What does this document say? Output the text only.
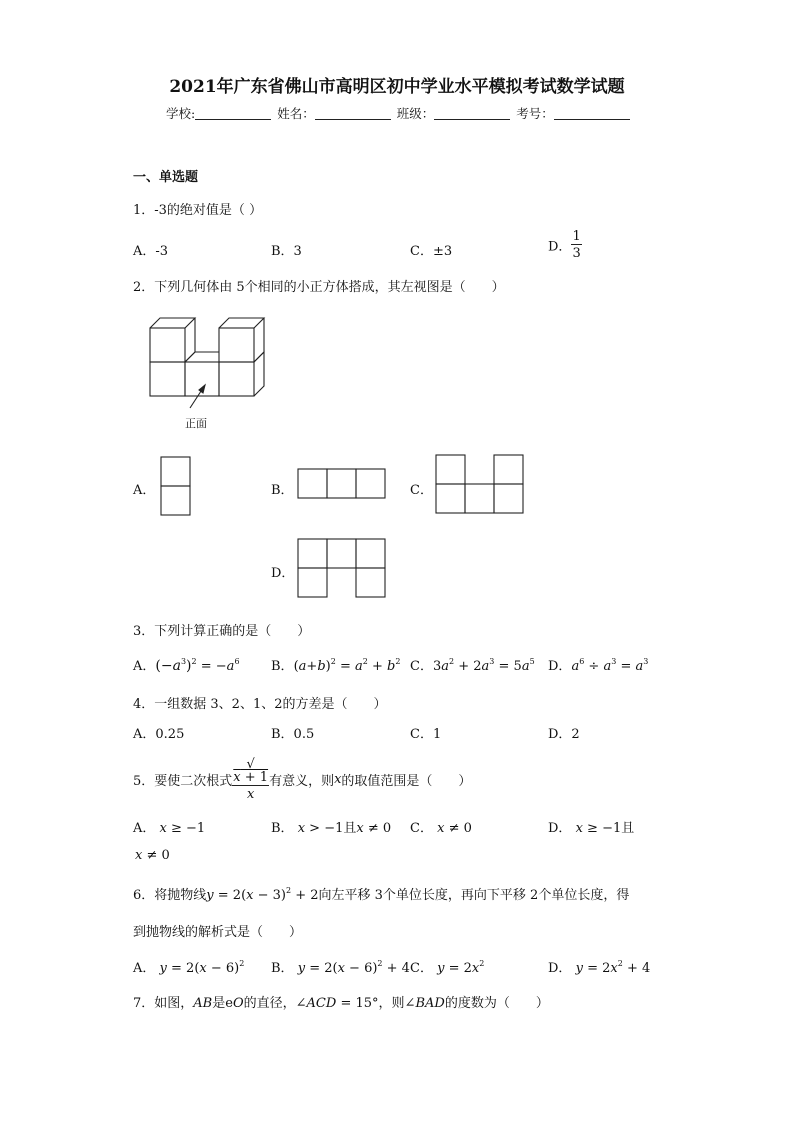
2021年广东省佛山市高明区初中学业水平模拟考试数学试题
学校:	姓名：	班级：	考号：
一、单选题
1．-3的绝对值是（ ）
A．-3	B．3	C．±3	D． $\frac{1}{3}$
2．下列几何体由 5个相同的小正方体搭成，其左视图是（　　）
正面
A．	B．	C．
D．
3．下列计算正确的是（　　）
A．$(-a^3)^2 = -a^6$ B．$(a+b)^2 = a^2 + b^2$ C．$3a^2 + 2a^3 = 5a^5$ D．$a^6 \div a^3 = a^3$
4．一组数据 3、2、1、2的方差是（　　）
A．0.25	B．0.5	C．1	D．2
5．要使二次根式 √
x + 1
x 有意义，则x的取值范围是（　　）
A． x ≥ −1	B． x > −1且x ≠ 0 C． x ≠ 0	D． x ≥ −1且
x ≠ 0
6．将抛物线$y = 2(x - 3)^2 + 2$向左平移 3个单位长度，再向下平移 2个单位长度，得
到抛物线的解析式是（　　）
A． $y = 2(x - 6)^2$ B． $y = 2(x - 6)^2 + 4$ C． $y = 2x^2$	D． $y = 2x^2 + 4$
7．如图，AB是eO的直径，∠ACD = 15°，则∠BAD的度数为（　　）
